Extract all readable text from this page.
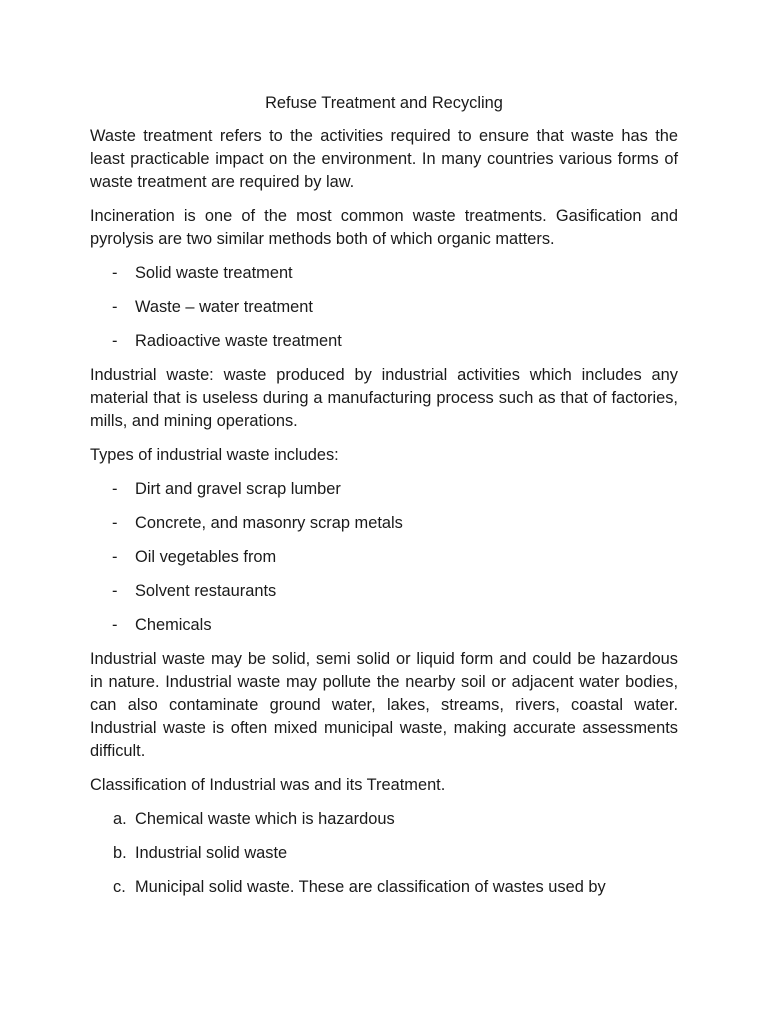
Refuse Treatment and Recycling

Waste treatment refers to the activities required to ensure that waste has the least practicable impact on the environment. In many countries various forms of waste treatment are required by law.

Incineration is one of the most common waste treatments. Gasification and pyrolysis are two similar methods both of which organic matters.

- Solid waste treatment
- Waste – water treatment
- Radioactive waste treatment

Industrial waste: waste produced by industrial activities which includes any material that is useless during a manufacturing process such as that of factories, mills, and mining operations.

Types of industrial waste includes:

- Dirt and gravel scrap lumber
- Concrete, and masonry scrap metals
- Oil vegetables from
- Solvent restaurants
- Chemicals

Industrial waste may be solid, semi solid or liquid form and could be hazardous in nature. Industrial waste may pollute the nearby soil or adjacent water bodies, can also contaminate ground water, lakes, streams, rivers, coastal water. Industrial waste is often mixed municipal waste, making accurate assessments difficult.

Classification of Industrial was and its Treatment.

a. Chemical waste which is hazardous
b. Industrial solid waste
c. Municipal solid waste. These are classification of wastes used by
